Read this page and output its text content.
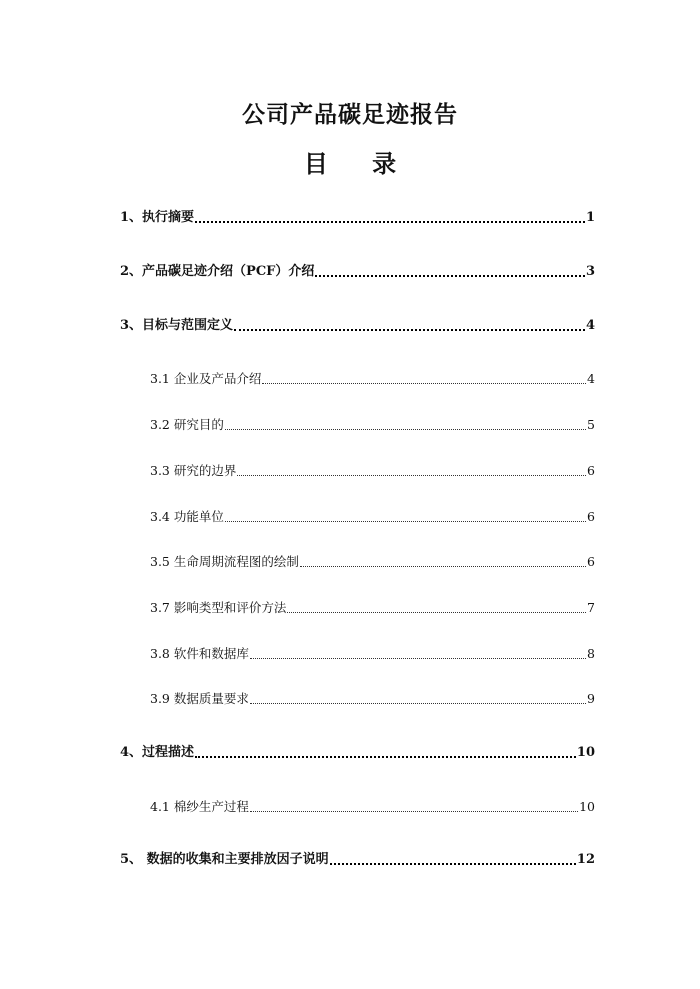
公司产品碳足迹报告
目 录
1、执行摘要	1
2、产品碳足迹介绍（PCF）介绍	3
3、目标与范围定义	4
3.1 企业及产品介绍	4
3.2 研究目的	5
3.3 研究的边界	6
3.4 功能单位	6
3.5 生命周期流程图的绘制	6
3.7 影响类型和评价方法	7
3.8 软件和数据库	8
3.9 数据质量要求	9
4、过程描述	10
4.1 棉纱生产过程	10
5、 数据的收集和主要排放因子说明	12
